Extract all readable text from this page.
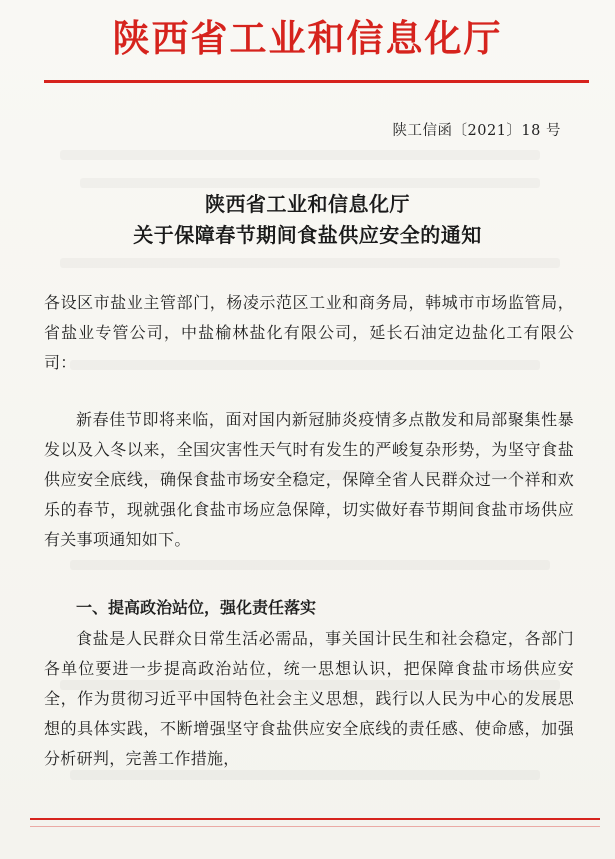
陕西省工业和信息化厅
陕工信函〔2021〕18 号
陕西省工业和信息化厅
关于保障春节期间食盐供应安全的通知

各设区市盐业主管部门，杨凌示范区工业和商务局，韩城市市场监管局，省盐业专管公司，中盐榆林盐化有限公司，延长石油定边盐化工有限公司：

新春佳节即将来临，面对国内新冠肺炎疫情多点散发和局部聚集性暴发以及入冬以来，全国灾害性天气时有发生的严峻复杂形势，为坚守食盐供应安全底线，确保食盐市场安全稳定，保障全省人民群众过一个祥和欢乐的春节，现就强化食盐市场应急保障，切实做好春节期间食盐市场供应有关事项通知如下。

一、提高政治站位，强化责任落实

食盐是人民群众日常生活必需品，事关国计民生和社会稳定，各部门各单位要进一步提高政治站位，统一思想认识，把保障食盐市场供应安全，作为贯彻习近平中国特色社会主义思想，践行以人民为中心的发展思想的具体实践，不断增强坚守食盐供应安全底线的责任感、使命感，加强分析研判，完善工作措施，
